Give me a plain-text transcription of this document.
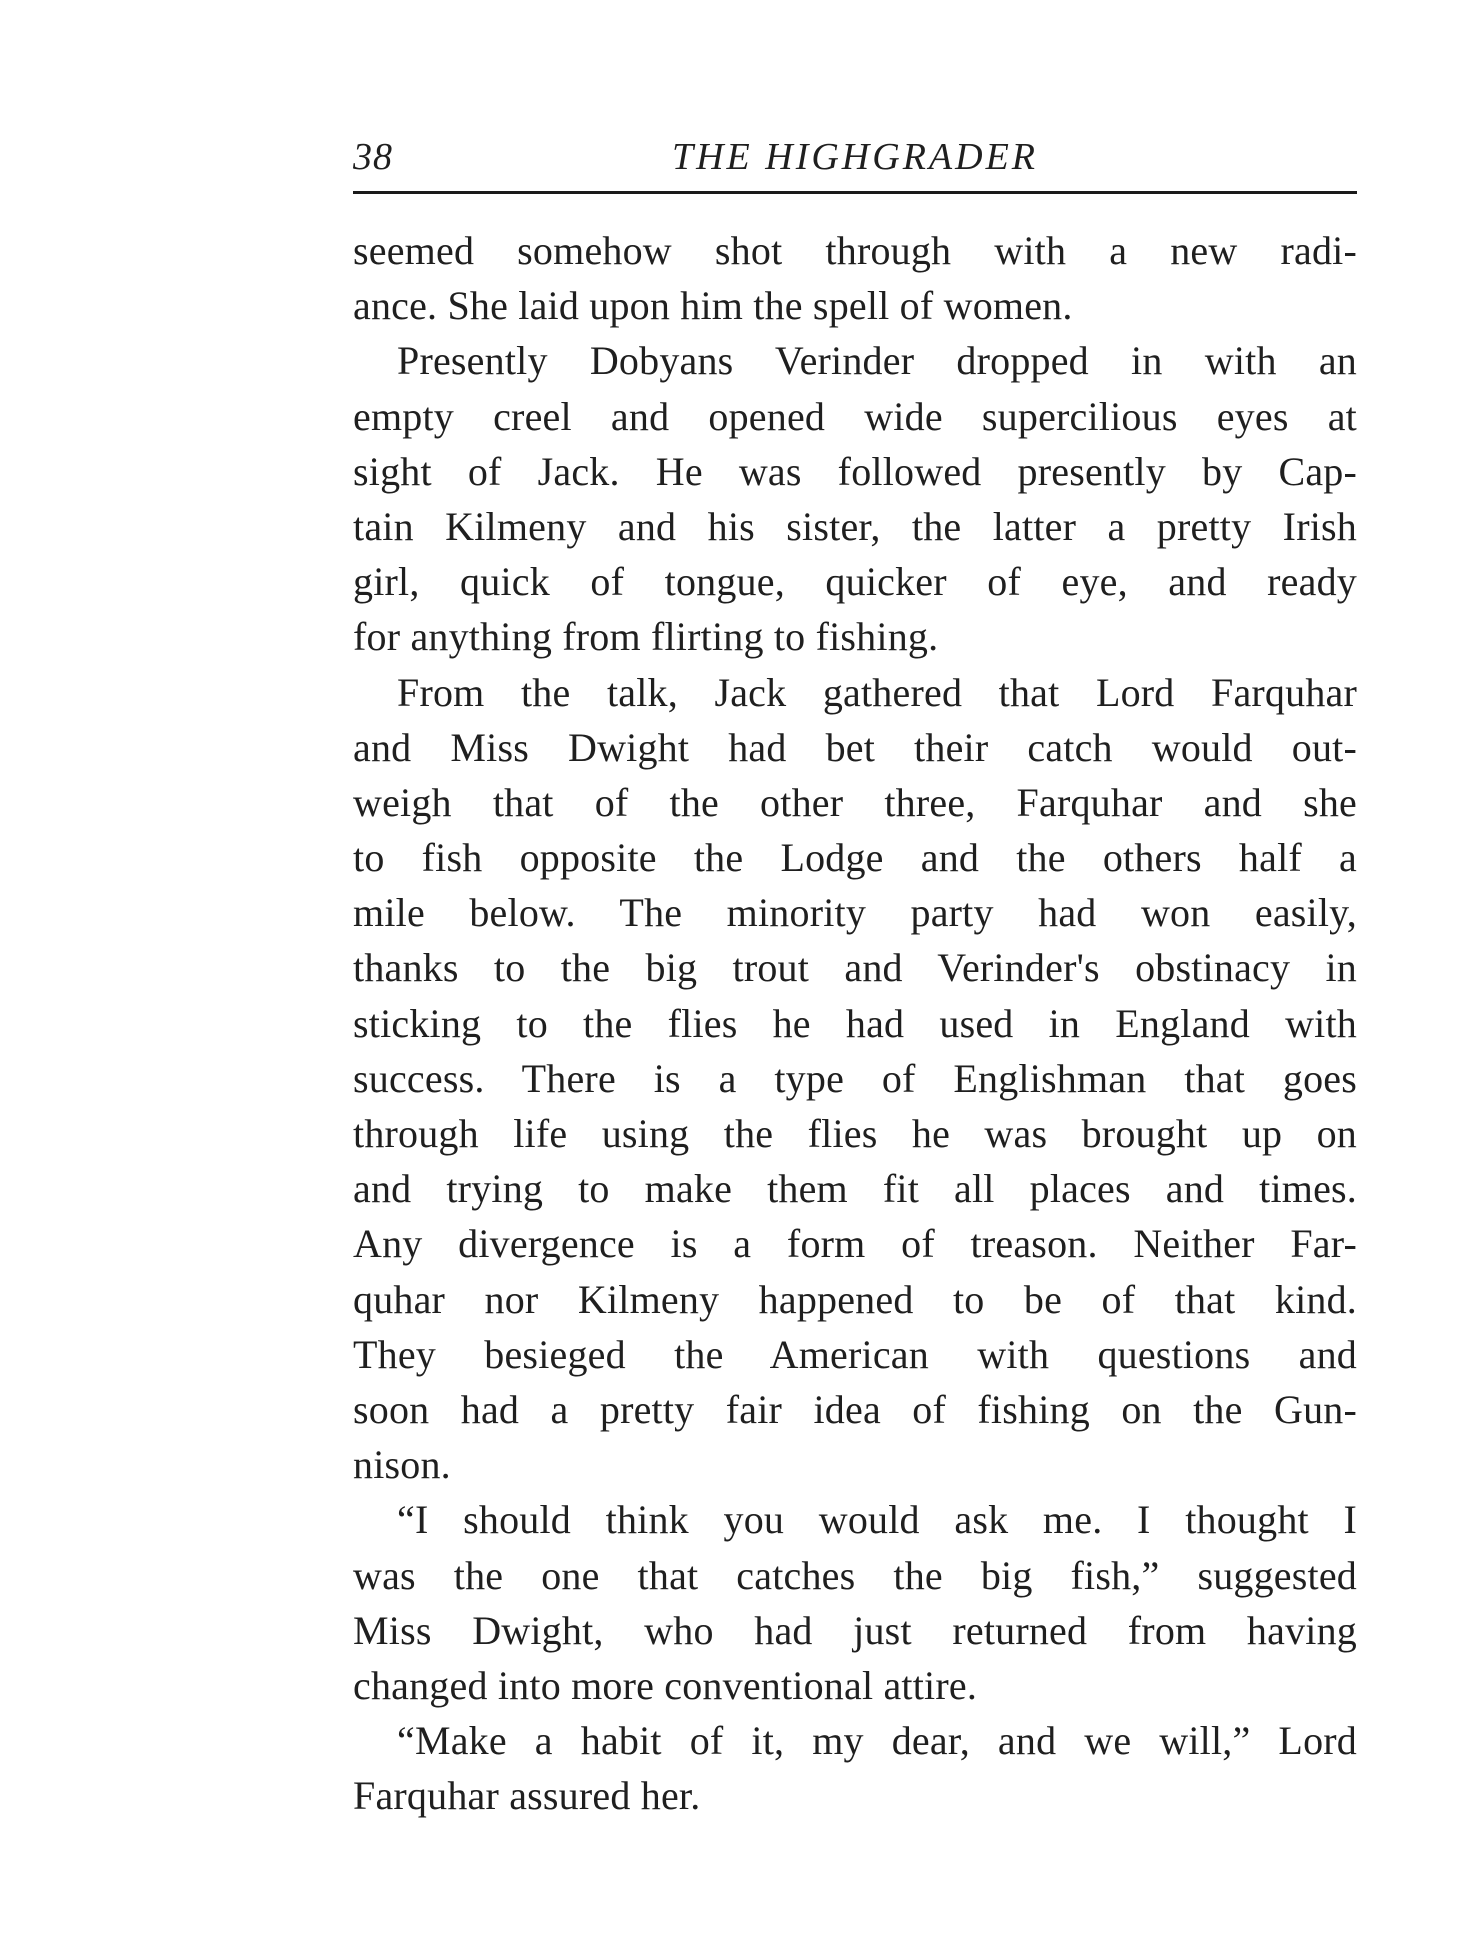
38	THE HIGHGRADER
seemed somehow shot through with a new radi-
ance. She laid upon him the spell of women.
Presently Dobyans Verinder dropped in with an
empty creel and opened wide supercilious eyes at
sight of Jack. He was followed presently by Cap-
tain Kilmeny and his sister, the latter a pretty Irish
girl, quick of tongue, quicker of eye, and ready
for anything from flirting to fishing.
From the talk, Jack gathered that Lord Farquhar
and Miss Dwight had bet their catch would out-
weigh that of the other three, Farquhar and she
to fish opposite the Lodge and the others half a
mile below. The minority party had won easily,
thanks to the big trout and Verinder's obstinacy in
sticking to the flies he had used in England with
success. There is a type of Englishman that goes
through life using the flies he was brought up on
and trying to make them fit all places and times.
Any divergence is a form of treason. Neither Far-
quhar nor Kilmeny happened to be of that kind.
They besieged the American with questions and
soon had a pretty fair idea of fishing on the Gun-
nison.
“I should think you would ask me. I thought I
was the one that catches the big fish,” suggested
Miss Dwight, who had just returned from having
changed into more conventional attire.
“Make a habit of it, my dear, and we will,” Lord
Farquhar assured her.
